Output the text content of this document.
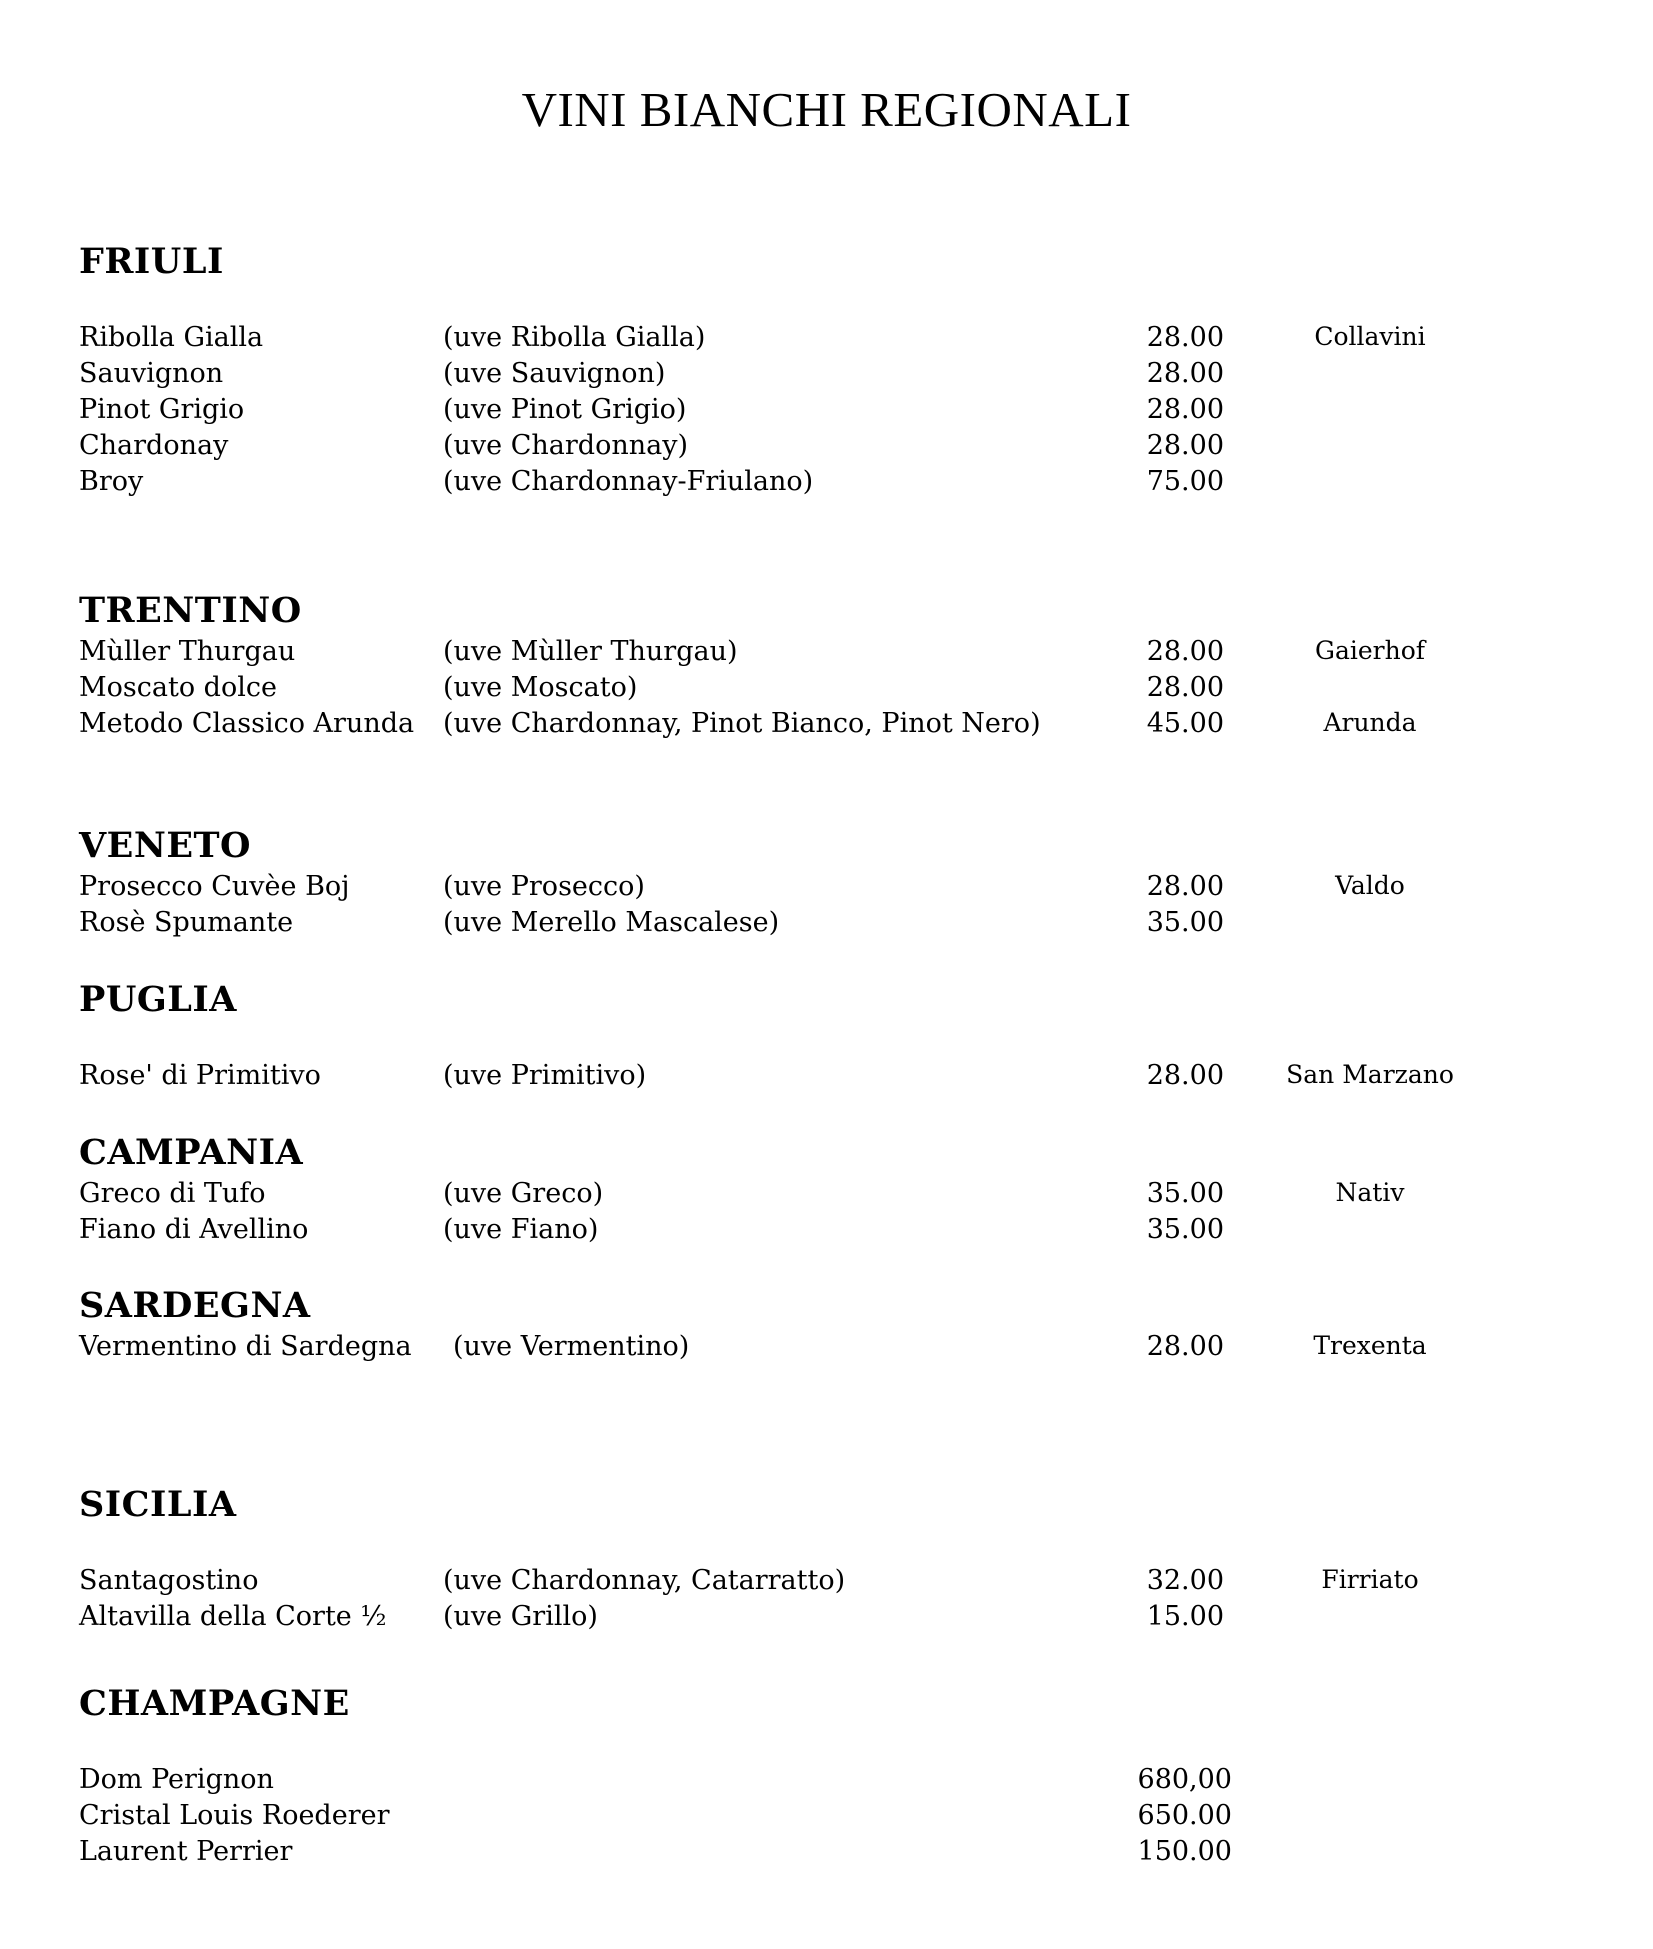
VINI BIANCHI REGIONALI
FRIULI
Ribolla Gialla	(uve Ribolla Gialla)	28.00	Collavini
Sauvignon	(uve Sauvignon)	28.00
Pinot Grigio	(uve Pinot Grigio)	28.00
Chardonay	(uve Chardonnay)	28.00
Broy	(uve Chardonnay-Friulano)	75.00
TRENTINO
Mùller Thurgau	(uve Mùller Thurgau)	28.00	Gaierhof
Moscato dolce	(uve Moscato)	28.00
Metodo Classico Arunda (uve Chardonnay, Pinot Bianco, Pinot Nero)	45.00	Arunda
VENETO
Prosecco Cuvèe Boj	(uve Prosecco)	28.00	Valdo
Rosè Spumante	(uve Merello Mascalese)	35.00
PUGLIA
Rose' di Primitivo	(uve Primitivo)	28.00	San Marzano
CAMPANIA
Greco di Tufo	(uve Greco)	35.00	Nativ
Fiano di Avellino	(uve Fiano)	35.00
SARDEGNA
Vermentino di Sardegna (uve Vermentino)	28.00	Trexenta
SICILIA
Santagostino	(uve Chardonnay, Catarratto)	32.00	Firriato
Altavilla della Corte ½ (uve Grillo)	15.00
CHAMPAGNE
Dom Perignon	680,00
Cristal Louis Roederer	650.00
Laurent Perrier	150.00
